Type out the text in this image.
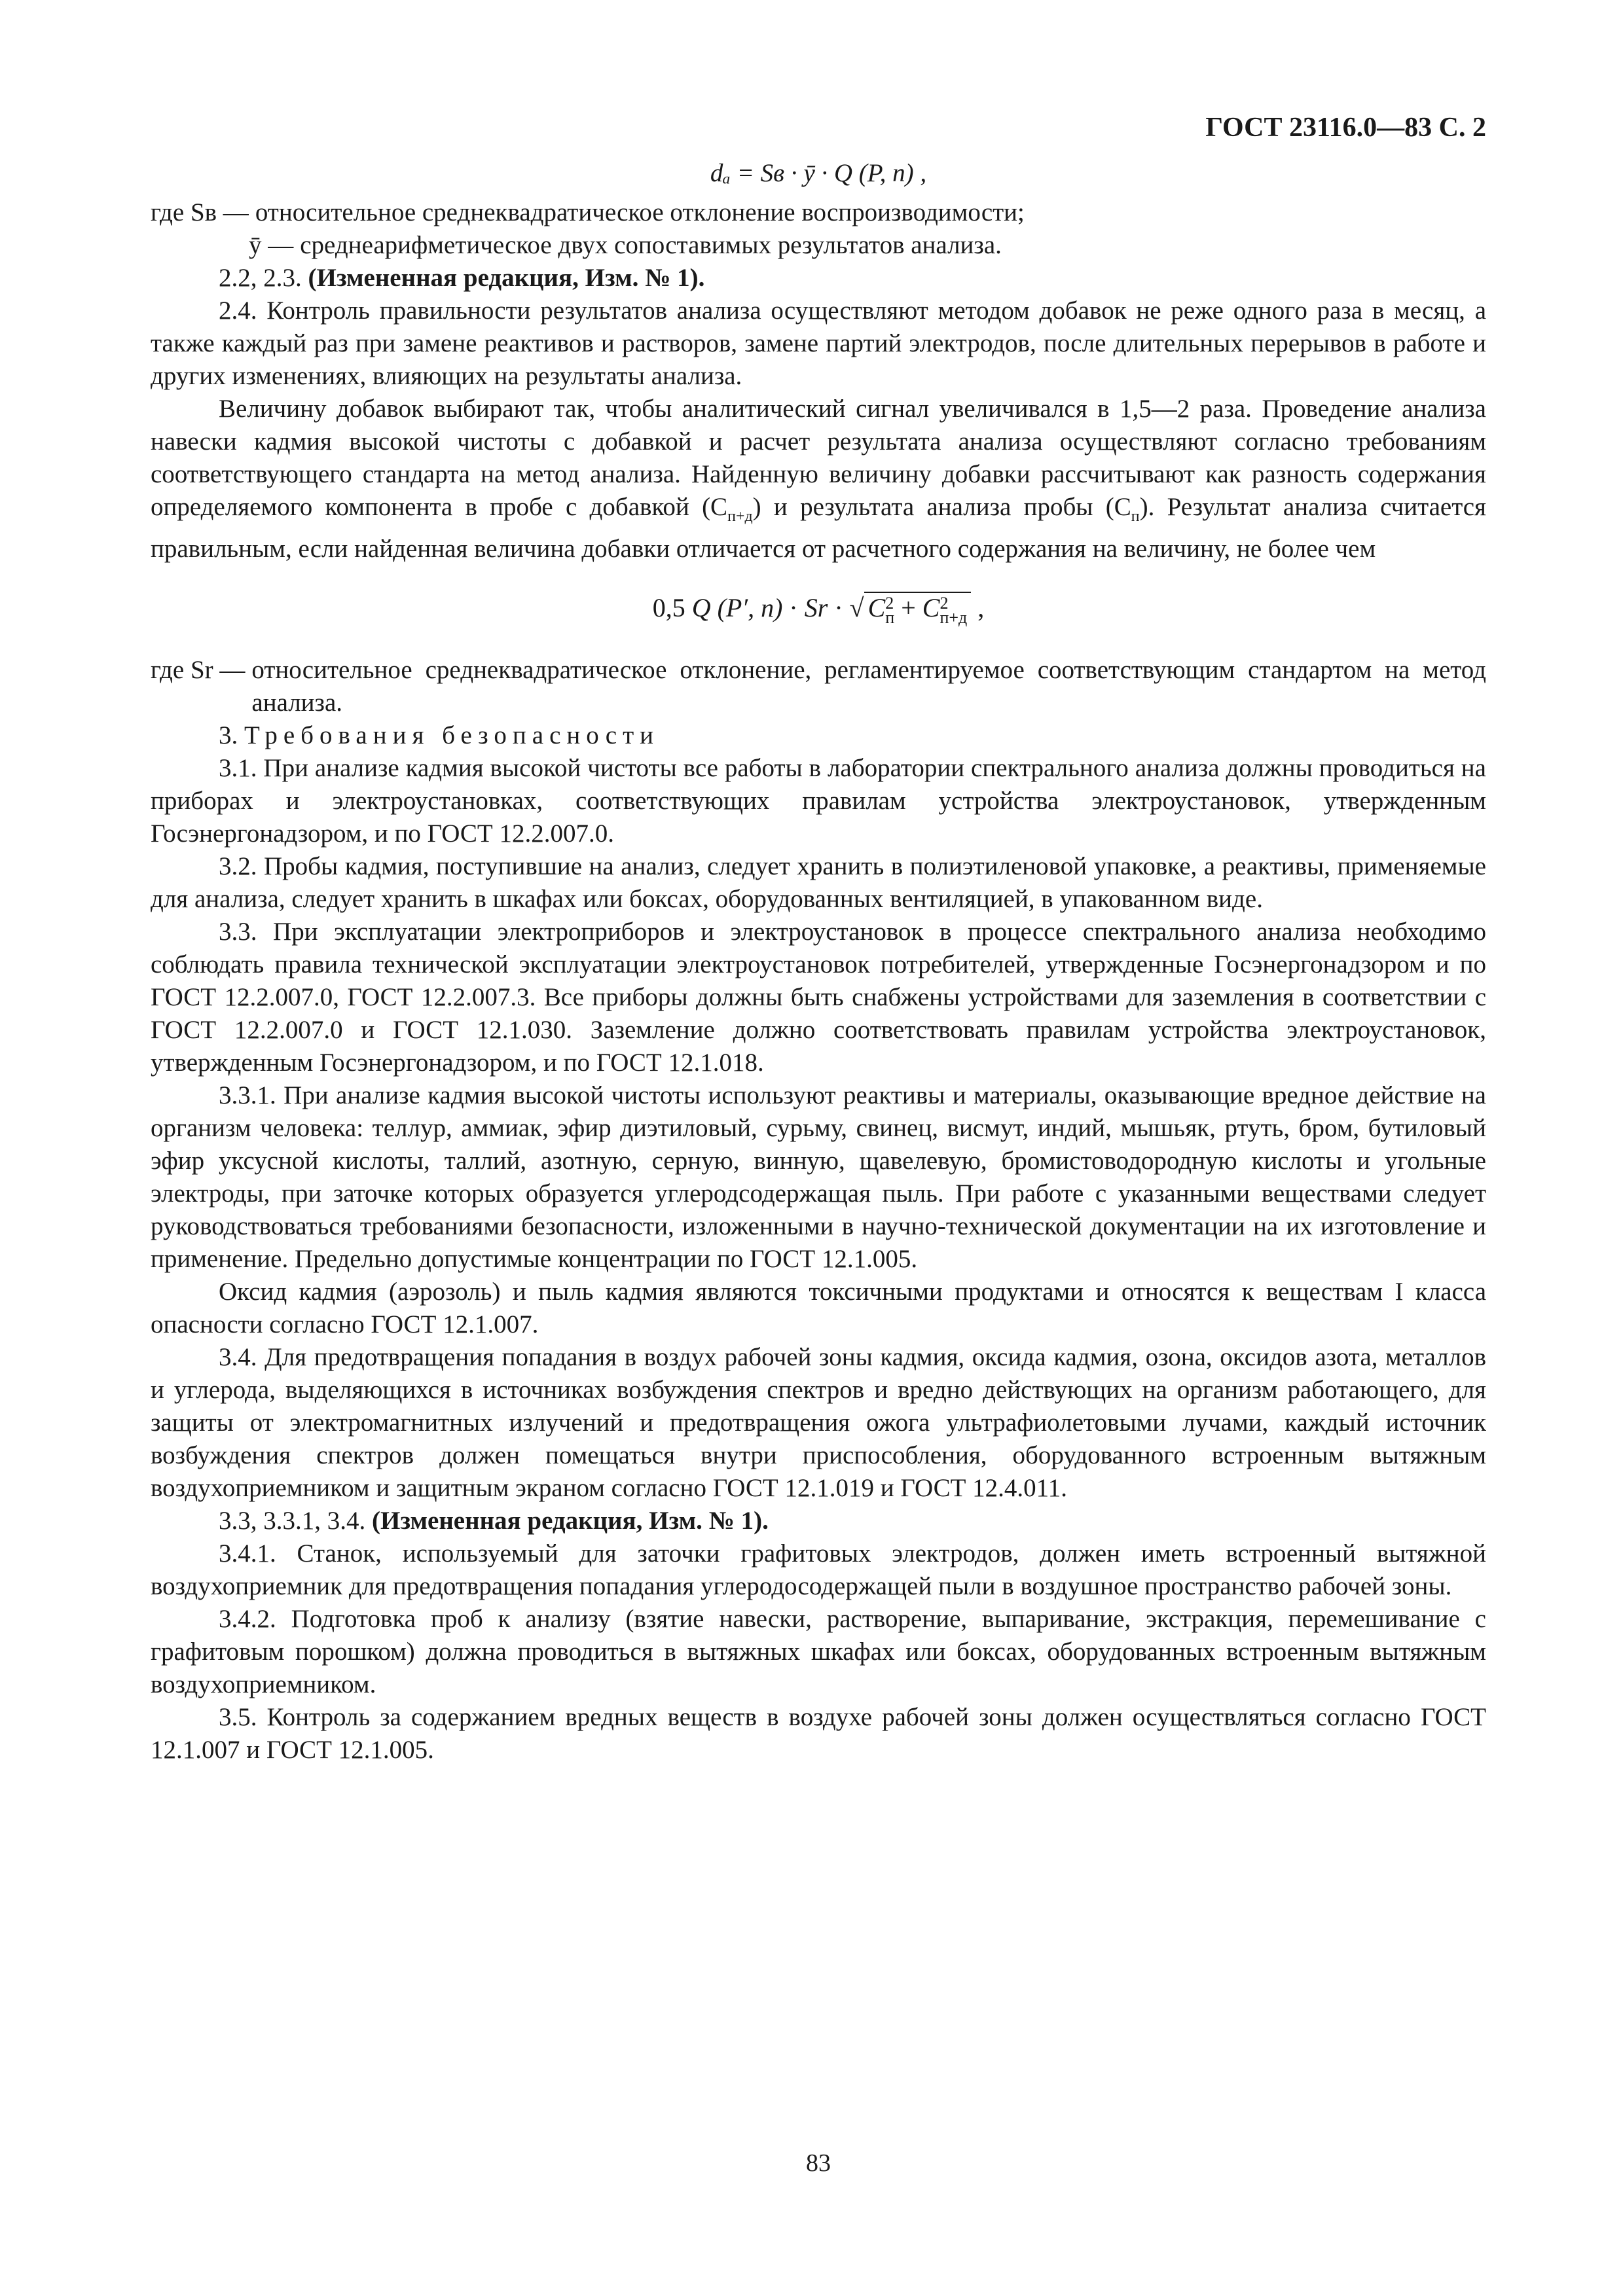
ГОСТ 23116.0—83 С. 2
dₐ = Sв · ȳ · Q (P, n) ,
где Sв — относительное среднеквадратическое отклонение воспроизводимости;
ȳ — среднеарифметическое двух сопоставимых результатов анализа.

2.2, 2.3. (Измененная редакция, Изм. № 1).

2.4. Контроль правильности результатов анализа осуществляют методом добавок не реже одного раза в месяц, а также каждый раз при замене реактивов и растворов, замене партий электродов, после длительных перерывов в работе и других изменениях, влияющих на результаты анализа.

Величину добавок выбирают так, чтобы аналитический сигнал увеличивался в 1,5—2 раза. Проведение анализа навески кадмия высокой чистоты с добавкой и расчет результата анализа осуществляют согласно требованиям соответствующего стандарта на метод анализа. Найденную величину добавки рассчитывают как разность содержания определяемого компонента в пробе с добавкой $(C_{п+д})$ и результата анализа пробы $(C_п)$. Результат анализа считается правильным, если найденная величина добавки отличается от расчетного содержания на величину, не более чем

0,5 Q (P′, n) · Sr · √ C2
п + C2
п+д ,
где Sr — относительное среднеквадратическое отклонение, регламентируемое соответствующим стандартом на метод анализа.

3. Требования безопасности

3.1. При анализе кадмия высокой чистоты все работы в лаборатории спектрального анализа должны проводиться на приборах и электроустановках, соответствующих правилам устройства электроустановок, утвержденным Госэнергонадзором, и по ГОСТ 12.2.007.0.

3.2. Пробы кадмия, поступившие на анализ, следует хранить в полиэтиленовой упаковке, а реактивы, применяемые для анализа, следует хранить в шкафах или боксах, оборудованных вентиляцией, в упакованном виде.

3.3. При эксплуатации электроприборов и электроустановок в процессе спектрального анализа необходимо соблюдать правила технической эксплуатации электроустановок потребителей, утвержденные Госэнергонадзором и по ГОСТ 12.2.007.0, ГОСТ 12.2.007.3. Все приборы должны быть снабжены устройствами для заземления в соответствии с ГОСТ 12.2.007.0 и ГОСТ 12.1.030. Заземление должно соответствовать правилам устройства электроустановок, утвержденным Госэнергонадзором, и по ГОСТ 12.1.018.

3.3.1. При анализе кадмия высокой чистоты используют реактивы и материалы, оказывающие вредное действие на организм человека: теллур, аммиак, эфир диэтиловый, сурьму, свинец, висмут, индий, мышьяк, ртуть, бром, бутиловый эфир уксусной кислоты, таллий, азотную, серную, винную, щавелевую, бромистоводородную кислоты и угольные электроды, при заточке которых образуется углеродсодержащая пыль. При работе с указанными веществами следует руководствоваться требованиями безопасности, изложенными в научно-технической документации на их изготовление и применение. Предельно допустимые концентрации по ГОСТ 12.1.005.

Оксид кадмия (аэрозоль) и пыль кадмия являются токсичными продуктами и относятся к веществам I класса опасности согласно ГОСТ 12.1.007.

3.4. Для предотвращения попадания в воздух рабочей зоны кадмия, оксида кадмия, озона, оксидов азота, металлов и углерода, выделяющихся в источниках возбуждения спектров и вредно действующих на организм работающего, для защиты от электромагнитных излучений и предотвращения ожога ультрафиолетовыми лучами, каждый источник возбуждения спектров должен помещаться внутри приспособления, оборудованного встроенным вытяжным воздухоприемником и защитным экраном согласно ГОСТ 12.1.019 и ГОСТ 12.4.011.

3.3, 3.3.1, 3.4. (Измененная редакция, Изм. № 1).

3.4.1. Станок, используемый для заточки графитовых электродов, должен иметь встроенный вытяжной воздухоприемник для предотвращения попадания углеродосодержащей пыли в воздушное пространство рабочей зоны.

3.4.2. Подготовка проб к анализу (взятие навески, растворение, выпаривание, экстракция, перемешивание с графитовым порошком) должна проводиться в вытяжных шкафах или боксах, оборудованных встроенным вытяжным воздухоприемником.

3.5. Контроль за содержанием вредных веществ в воздухе рабочей зоны должен осуществляться согласно ГОСТ 12.1.007 и ГОСТ 12.1.005.

83
